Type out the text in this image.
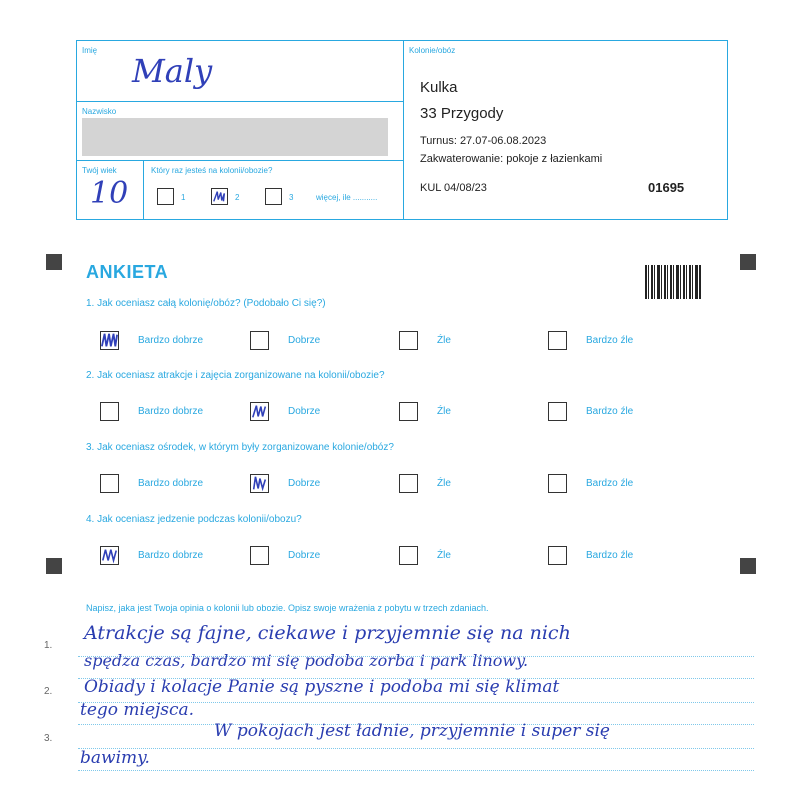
Imię
Maly
Nazwisko
Twój wiek
10
Który raz jesteś na kolonii/obozie?
1	2	3	więcej, ile ...........
Kolonie/obóz
Kulka
33 Przygody
Turnus: 27.07-06.08.2023
Zakwaterowanie: pokoje z łazienkami
KUL 04/08/23	01695
ANKIETA
1. Jak oceniasz całą kolonię/obóz? (Podobało Ci się?)
Bardzo dobrze	Dobrze	Źle	Bardzo źle
2. Jak oceniasz atrakcje i zajęcia zorganizowane na kolonii/obozie?
Bardzo dobrze	Dobrze	Źle	Bardzo źle
3. Jak oceniasz ośrodek, w którym były zorganizowane kolonie/obóz?
Bardzo dobrze	Dobrze	Źle	Bardzo źle
4. Jak oceniasz jedzenie podczas kolonii/obozu?
Bardzo dobrze	Dobrze	Źle	Bardzo źle
Napisz, jaka jest Twoja opinia o kolonii lub obozie. Opisz swoje wrażenia z pobytu w trzech zdaniach.
1.
2.
3.
Atrakcje są fajne, ciekawe i przyjemnie się na nich
spędza czas, bardzo mi się podoba zorba i park linowy.
Obiady i kolacje Panie są pyszne i podoba mi się klimat
tego miejsca.
W pokojach jest ładnie, przyjemnie i super się
bawimy.
